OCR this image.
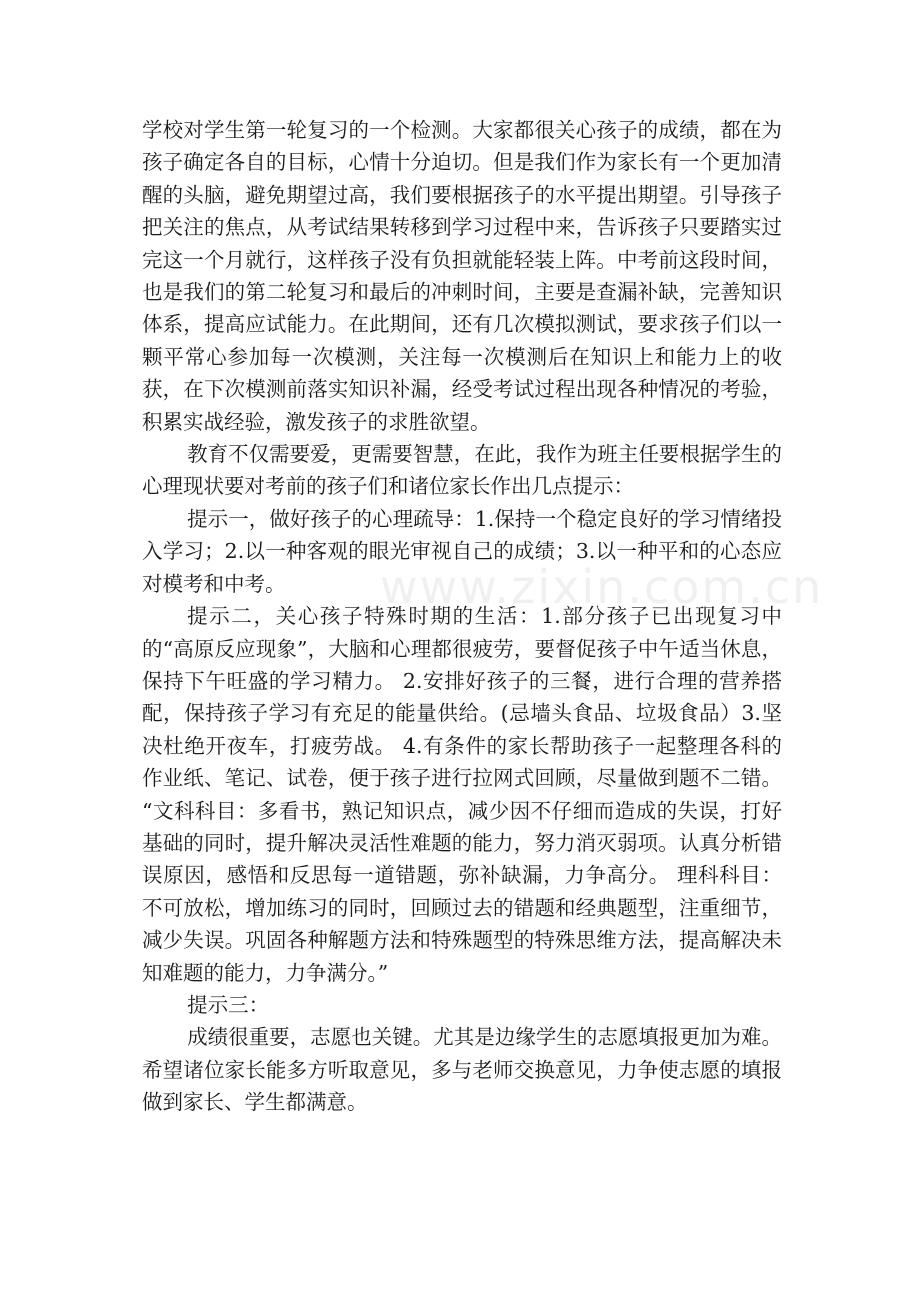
学校对学生第一轮复习的一个检测。大家都很关心孩子的成绩，都在为孩子确定各自的目标，心情十分迫切。但是我们作为家长有一个更加清醒的头脑，避免期望过高，我们要根据孩子的水平提出期望。引导孩子把关注的焦点，从考试结果转移到学习过程中来，告诉孩子只要踏实过完这一个月就行，这样孩子没有负担就能轻装上阵。中考前这段时间，也是我们的第二轮复习和最后的冲刺时间，主要是查漏补缺，完善知识体系，提高应试能力。在此期间，还有几次模拟测试，要求孩子们以一颗平常心参加每一次模测，关注每一次模测后在知识上和能力上的收获，在下次模测前落实知识补漏，经受考试过程出现各种情况的考验，积累实战经验，激发孩子的求胜欲望。

教育不仅需要爱，更需要智慧，在此，我作为班主任要根据学生的心理现状要对考前的孩子们和诸位家长作出几点提示：

提示一，做好孩子的心理疏导：1.保持一个稳定良好的学习情绪投入学习；2.以一种客观的眼光审视自己的成绩；3.以一种平和的心态应对模考和中考。

提示二，关心孩子特殊时期的生活：1.部分孩子已出现复习中的“高原反应现象”，大脑和心理都很疲劳，要督促孩子中午适当休息，保持下午旺盛的学习精力。 2.安排好孩子的三餐，进行合理的营养搭配，保持孩子学习有充足的能量供给。(忌墙头食品、垃圾食品）3.坚决杜绝开夜车，打疲劳战。 4.有条件的家长帮助孩子一起整理各科的作业纸、笔记、试卷，便于孩子进行拉网式回顾，尽量做到题不二错。 “文科科目：多看书，熟记知识点，减少因不仔细而造成的失误，打好基础的同时，提升解决灵活性难题的能力，努力消灭弱项。认真分析错误原因，感悟和反思每一道错题，弥补缺漏，力争高分。 理科科目：不可放松，增加练习的同时，回顾过去的错题和经典题型，注重细节，减少失误。巩固各种解题方法和特殊题型的特殊思维方法，提高解决未知难题的能力，力争满分。”

提示三：

成绩很重要，志愿也关键。尤其是边缘学生的志愿填报更加为难。希望诸位家长能多方听取意见，多与老师交换意见，力争使志愿的填报做到家长、学生都满意。

www.zixin.com.cn
